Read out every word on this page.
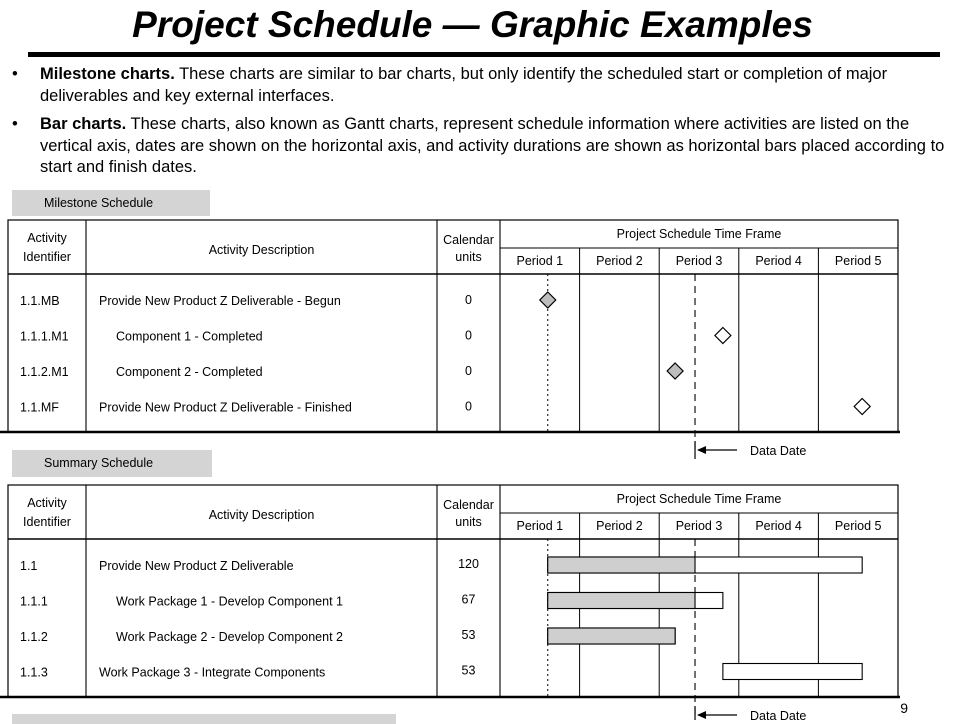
Project Schedule — Graphic Examples
• Milestone charts. These charts are similar to bar charts, but only identify the scheduled start or completion of major deliverables and key external interfaces.
• Bar charts. These charts, also known as Gantt charts, represent schedule information where activities are listed on the vertical axis, dates are shown on the horizontal axis, and activity durations are shown as horizontal bars placed according to start and finish dates.
Milestone Schedule
Activity
Identifier	Activity Description
Calendar
units
Project Schedule Time Frame
Period 1	Period 2	Period 3	Period 4	Period 5
1.1.MB	Provide New Product Z Deliverable - Begun	0
1.1.1.M1	Component 1 - Completed	0
1.1.2.M1	Component 2 - Completed	0
1.1.MF	Provide New Product Z Deliverable - Finished	0
Data Date
Summary Schedule
Activity
Identifier	Activity Description
Calendar
units
Project Schedule Time Frame
Period 1	Period 2	Period 3	Period 4	Period 5
1.1	Provide New Product Z Deliverable	120
1.1.1	Work Package 1 - Develop Component 1	67
1.1.2	Work Package 2 - Develop Component 2	53
1.1.3	Work Package 3 - Integrate Components	53
Data Date	9
